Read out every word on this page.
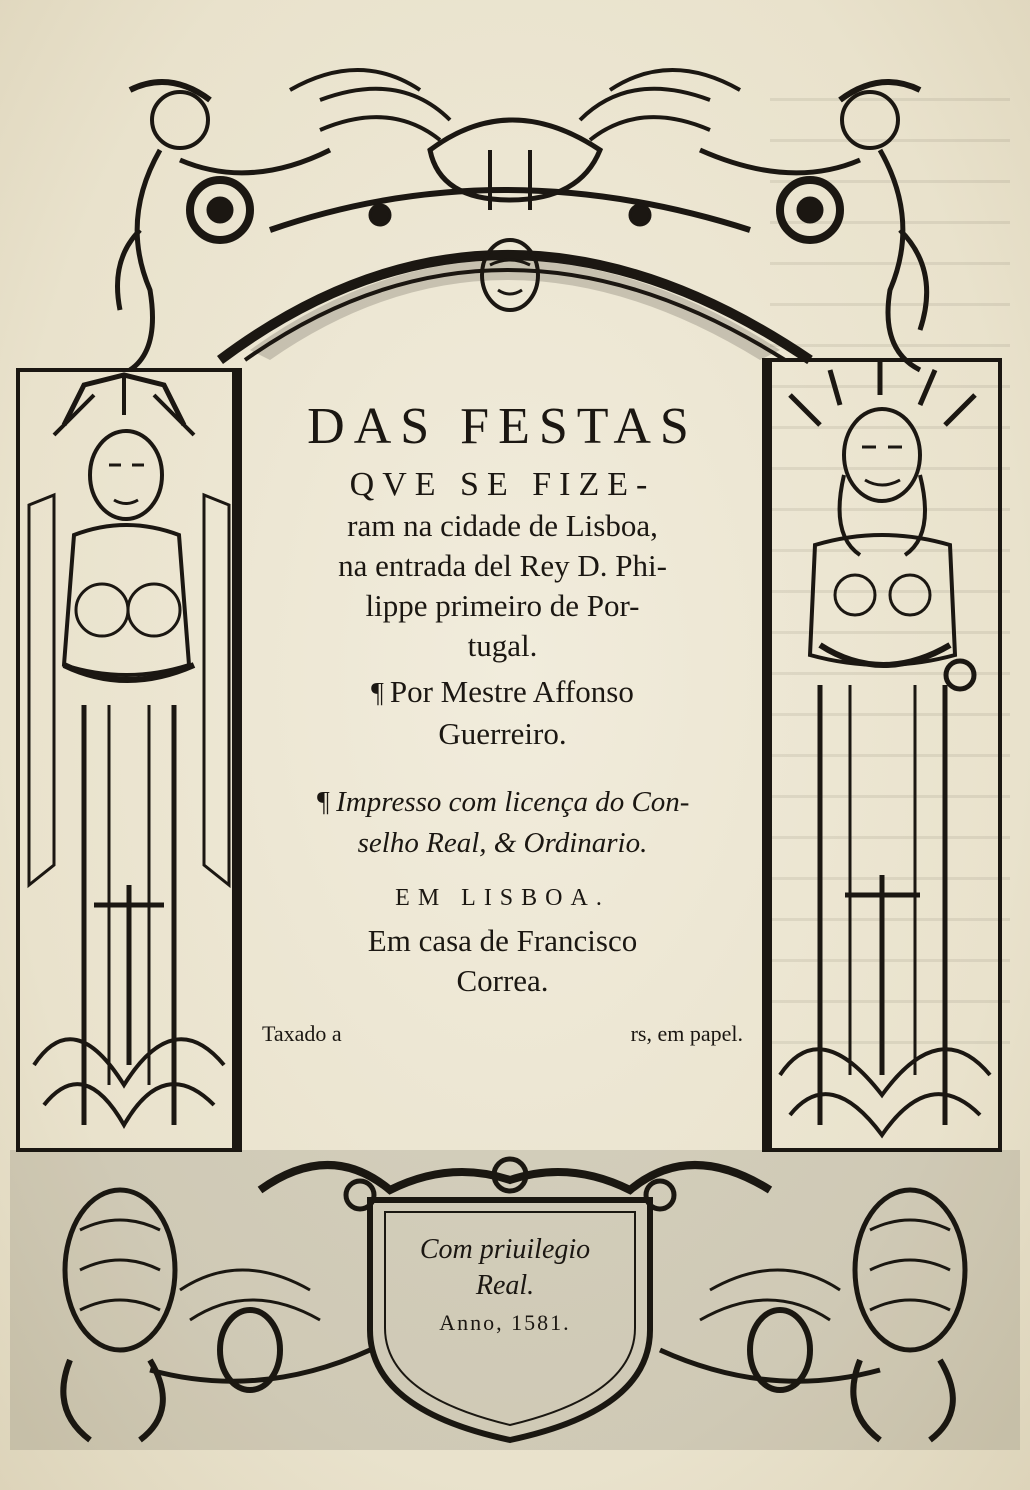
DAS FESTAS

QVE SE FIZE-

ram na cidade de Lisboa,

na entrada del Rey D. Phi-

lippe primeiro de Por-

tugal.

¶ Por Mestre Affonso

Guerreiro.

¶ Impresso com licença do Con-

selho Real, & Ordinario.

EM LISBOA.

Em casa de Francisco

Correa.

Taxado a	rs, em papel.

Com priuilegio

Real.

Anno, 1581.
